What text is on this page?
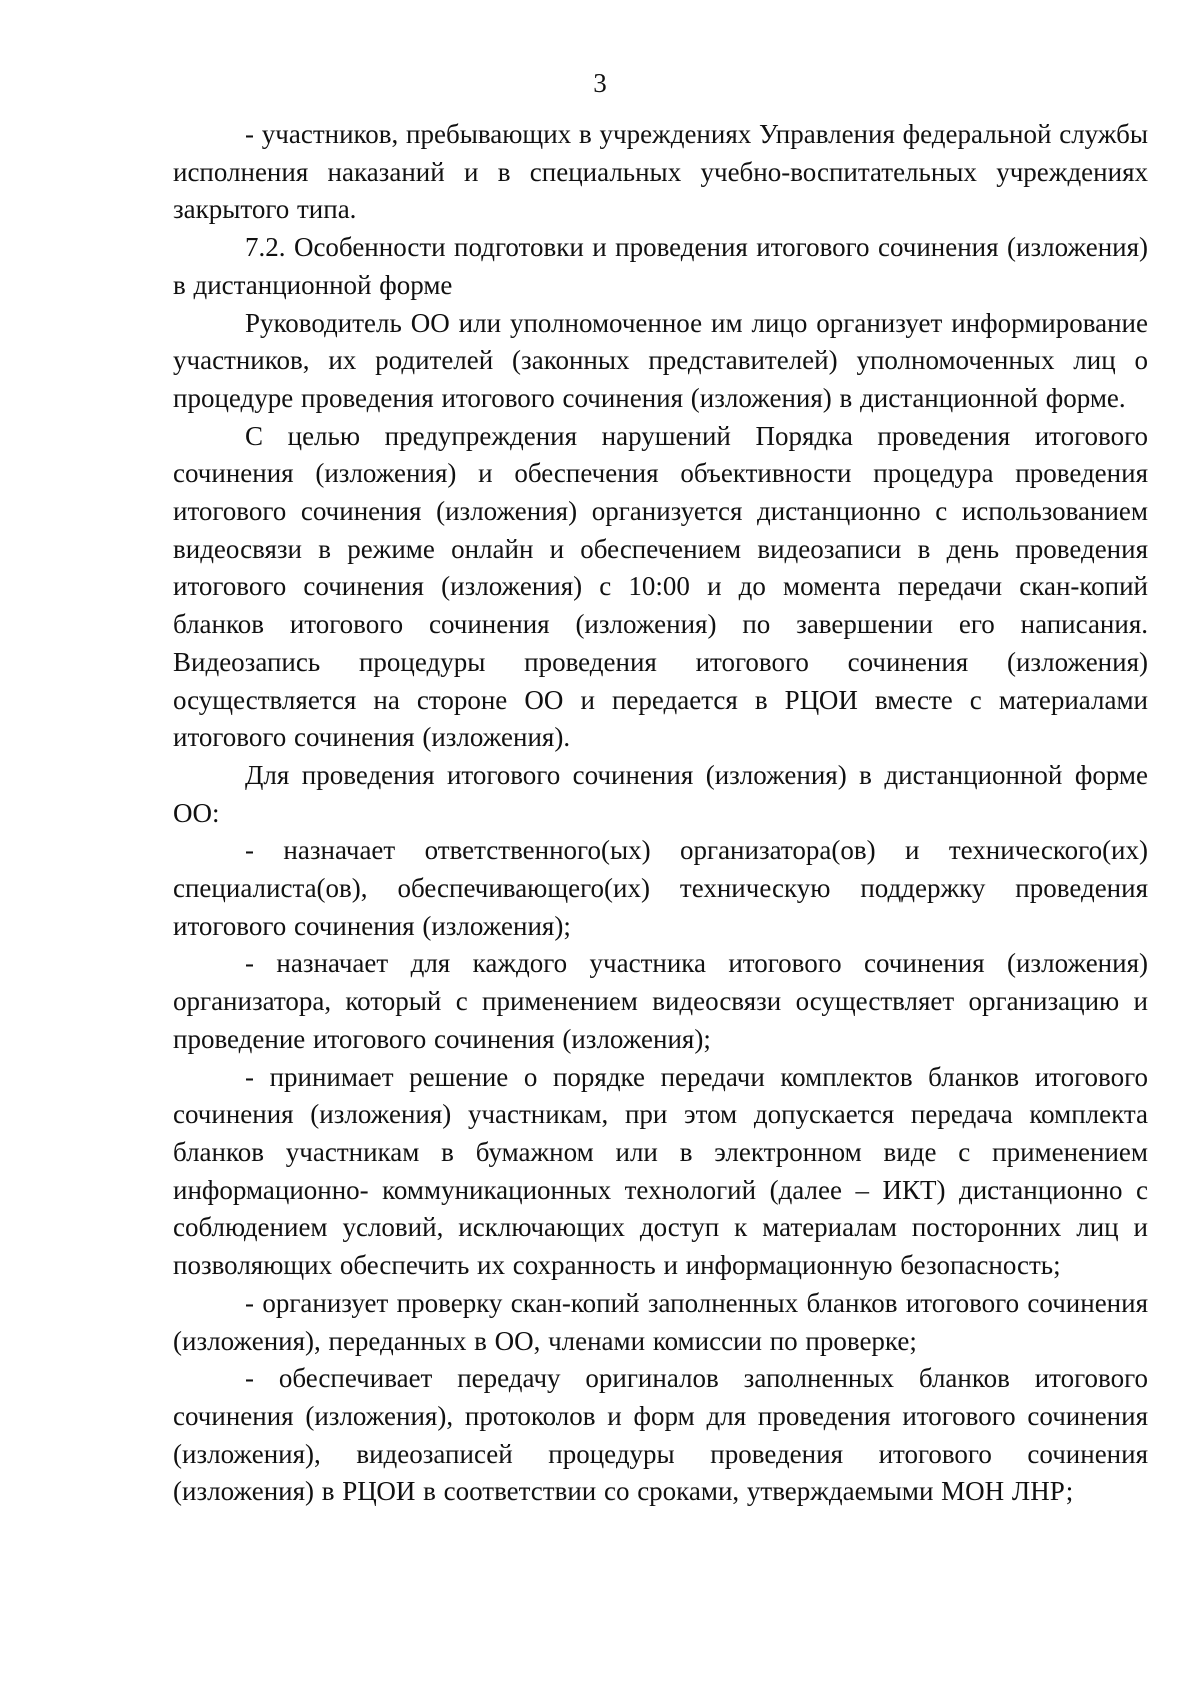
3

- участников, пребывающих в учреждениях Управления федеральной службы исполнения наказаний и в специальных учебно-воспитательных учреждениях закрытого типа.

7.2. Особенности подготовки и проведения итогового сочинения (изложения) в дистанционной форме

Руководитель ОО или уполномоченное им лицо организует информирование участников, их родителей (законных представителей) уполномоченных лиц о процедуре проведения итогового сочинения (изложения) в дистанционной форме.

С целью предупреждения нарушений Порядка проведения итогового сочинения (изложения) и обеспечения объективности процедура проведения итогового сочинения (изложения) организуется дистанционно с использованием видеосвязи в режиме онлайн и обеспечением видеозаписи в день проведения итогового сочинения (изложения) с 10:00 и до момента передачи скан-копий бланков итогового сочинения (изложения) по завершении его написания. Видеозапись процедуры проведения итогового сочинения (изложения) осуществляется на стороне ОО и передается в РЦОИ вместе с материалами итогового сочинения (изложения).

Для проведения итогового сочинения (изложения) в дистанционной форме ОО:

- назначает ответственного(ых) организатора(ов) и технического(их) специалиста(ов), обеспечивающего(их) техническую поддержку проведения итогового сочинения (изложения);

- назначает для каждого участника итогового сочинения (изложения) организатора, который с применением видеосвязи осуществляет организацию и проведение итогового сочинения (изложения);

- принимает решение о порядке передачи комплектов бланков итогового сочинения (изложения) участникам, при этом допускается передача комплекта бланков участникам в бумажном или в электронном виде с применением информационно- коммуникационных технологий (далее – ИКТ) дистанционно с соблюдением условий, исключающих доступ к материалам посторонних лиц и позволяющих обеспечить их сохранность и информационную безопасность;

- организует проверку скан-копий заполненных бланков итогового сочинения (изложения), переданных в ОО, членами комиссии по проверке;

- обеспечивает передачу оригиналов заполненных бланков итогового сочинения (изложения), протоколов и форм для проведения итогового сочинения (изложения), видеозаписей процедуры проведения итогового сочинения (изложения) в РЦОИ в соответствии со сроками, утверждаемыми МОН ЛНР;
